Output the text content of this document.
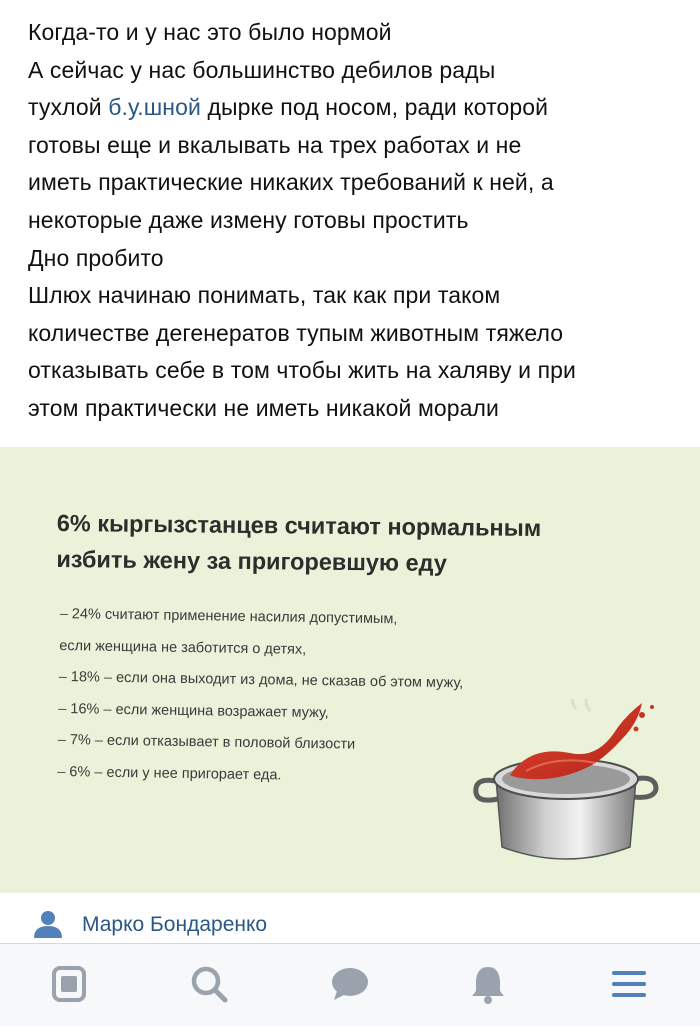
Когда-то и у нас это было нормой
А сейчас у нас большинство дебилов рады
тухлой б.у.шной дырке под носом, ради которой
готовы еще и вкалывать на трех работах и не
иметь практические никаких требований к ней, а
некоторые даже измену готовы простить
Дно пробито
Шлюх начинаю понимать, так как при таком
количестве дегенератов тупым животным тяжело
отказывать себе в том чтобы жить на халяву и при
этом практически не иметь никакой морали
6% кыргызстанцев считают нормальным
избить жену за пригоревшую еду
– 24% считают применение насилия допустимым,
если женщина не заботится о детях,
– 18% – если она выходит из дома, не сказав об этом мужу,
– 16% – если женщина возражает мужу,
– 7% – если отказывает в половой близости
– 6% – если у нее пригорает еда.
Марко Бондаренко
